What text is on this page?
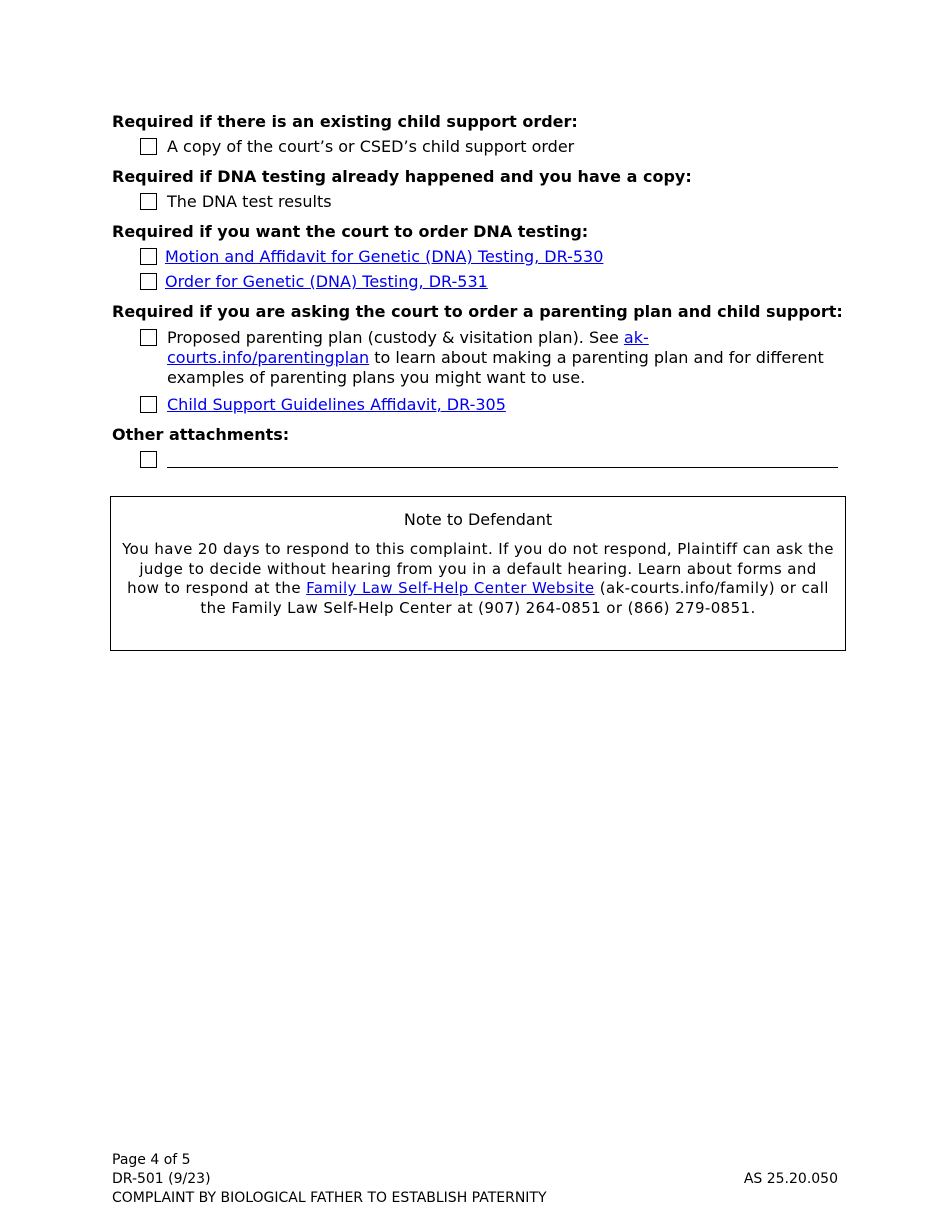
Required if there is an existing child support order:
A copy of the court’s or CSED’s child support order
Required if DNA testing already happened and you have a copy:
The DNA test results
Required if you want the court to order DNA testing:
Motion and Affidavit for Genetic (DNA) Testing, DR-530
Order for Genetic (DNA) Testing, DR-531
Required if you are asking the court to order a parenting plan and child support:
Proposed parenting plan (custody & visitation plan). See ak-courts.info/parentingplan to learn about making a parenting plan and for different examples of parenting plans you might want to use.
Child Support Guidelines Affidavit, DR-305
Other attachments:
Note to Defendant
You have 20 days to respond to this complaint. If you do not respond, Plaintiff can ask the judge to decide without hearing from you in a default hearing. Learn about forms and how to respond at the Family Law Self-Help Center Website (ak-courts.info/family) or call the Family Law Self-Help Center at (907) 264-0851 or (866) 279-0851.
Page 4 of 5
DR-501 (9/23)
COMPLAINT BY BIOLOGICAL FATHER TO ESTABLISH PATERNITY
AS 25.20.050
